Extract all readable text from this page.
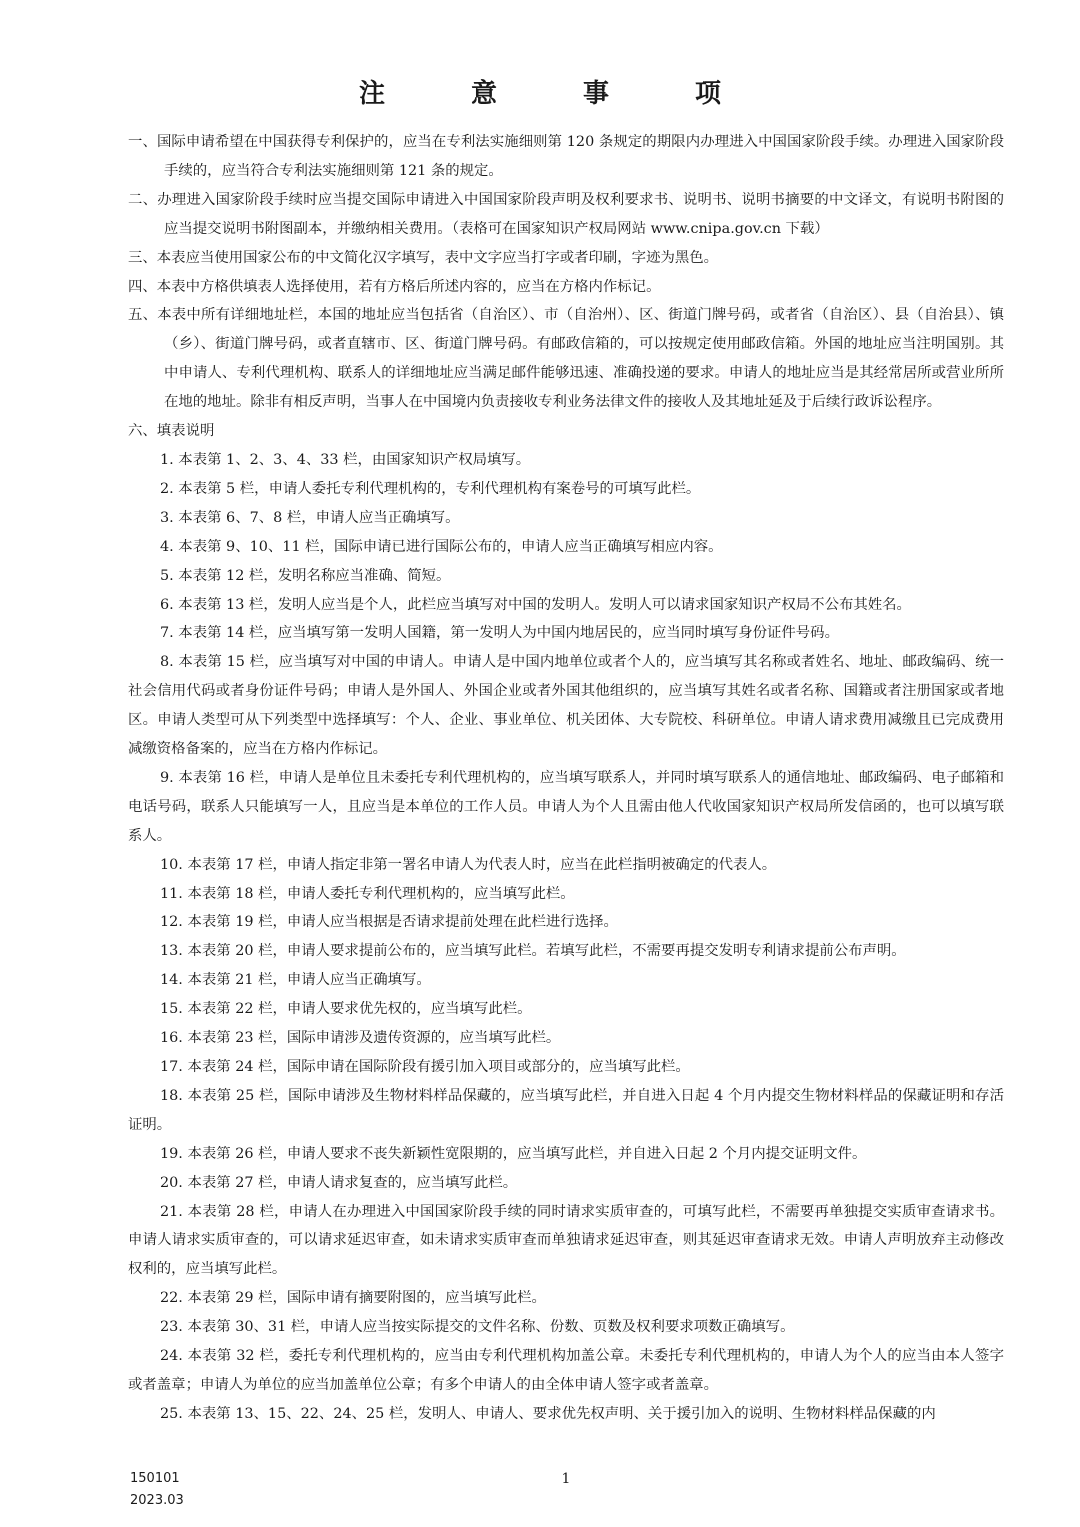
注　意　事　项

一、国际申请希望在中国获得专利保护的，应当在专利法实施细则第 120 条规定的期限内办理进入中国国家阶段手续。办理进入国家阶段手续的，应当符合专利法实施细则第 121 条的规定。

二、办理进入国家阶段手续时应当提交国际申请进入中国国家阶段声明及权利要求书、说明书、说明书摘要的中文译文，有说明书附图的应当提交说明书附图副本，并缴纳相关费用。（表格可在国家知识产权局网站 www.cnipa.gov.cn 下载）

三、本表应当使用国家公布的中文简化汉字填写，表中文字应当打字或者印刷，字迹为黑色。

四、本表中方格供填表人选择使用，若有方格后所述内容的，应当在方格内作标记。

五、本表中所有详细地址栏，本国的地址应当包括省（自治区）、市（自治州）、区、街道门牌号码，或者省（自治区）、县（自治县）、镇（乡）、街道门牌号码，或者直辖市、区、街道门牌号码。有邮政信箱的，可以按规定使用邮政信箱。外国的地址应当注明国别。其中申请人、专利代理机构、联系人的详细地址应当满足邮件能够迅速、准确投递的要求。申请人的地址应当是其经常居所或营业所所在地的地址。除非有相反声明，当事人在中国境内负责接收专利业务法律文件的接收人及其地址延及于后续行政诉讼程序。

六、填表说明

1. 本表第 1、2、3、4、33 栏，由国家知识产权局填写。

2. 本表第 5 栏，申请人委托专利代理机构的，专利代理机构有案卷号的可填写此栏。

3. 本表第 6、7、8 栏，申请人应当正确填写。

4. 本表第 9、10、11 栏，国际申请已进行国际公布的，申请人应当正确填写相应内容。

5. 本表第 12 栏，发明名称应当准确、简短。

6. 本表第 13 栏，发明人应当是个人，此栏应当填写对中国的发明人。发明人可以请求国家知识产权局不公布其姓名。

7. 本表第 14 栏，应当填写第一发明人国籍，第一发明人为中国内地居民的，应当同时填写身份证件号码。

8. 本表第 15 栏，应当填写对中国的申请人。申请人是中国内地单位或者个人的，应当填写其名称或者姓名、地址、邮政编码、统一社会信用代码或者身份证件号码；申请人是外国人、外国企业或者外国其他组织的，应当填写其姓名或者名称、国籍或者注册国家或者地区。申请人类型可从下列类型中选择填写：个人、企业、事业单位、机关团体、大专院校、科研单位。申请人请求费用减缴且已完成费用减缴资格备案的，应当在方格内作标记。

9. 本表第 16 栏，申请人是单位且未委托专利代理机构的，应当填写联系人，并同时填写联系人的通信地址、邮政编码、电子邮箱和电话号码，联系人只能填写一人，且应当是本单位的工作人员。申请人为个人且需由他人代收国家知识产权局所发信函的，也可以填写联系人。

10. 本表第 17 栏，申请人指定非第一署名申请人为代表人时，应当在此栏指明被确定的代表人。

11. 本表第 18 栏，申请人委托专利代理机构的，应当填写此栏。

12. 本表第 19 栏，申请人应当根据是否请求提前处理在此栏进行选择。

13. 本表第 20 栏，申请人要求提前公布的，应当填写此栏。若填写此栏，不需要再提交发明专利请求提前公布声明。

14. 本表第 21 栏，申请人应当正确填写。

15. 本表第 22 栏，申请人要求优先权的，应当填写此栏。

16. 本表第 23 栏，国际申请涉及遗传资源的，应当填写此栏。

17. 本表第 24 栏，国际申请在国际阶段有援引加入项目或部分的，应当填写此栏。

18. 本表第 25 栏，国际申请涉及生物材料样品保藏的，应当填写此栏，并自进入日起 4 个月内提交生物材料样品的保藏证明和存活证明。

19. 本表第 26 栏，申请人要求不丧失新颖性宽限期的，应当填写此栏，并自进入日起 2 个月内提交证明文件。

20. 本表第 27 栏，申请人请求复查的，应当填写此栏。

21. 本表第 28 栏，申请人在办理进入中国国家阶段手续的同时请求实质审查的，可填写此栏，不需要再单独提交实质审查请求书。申请人请求实质审查的，可以请求延迟审查，如未请求实质审查而单独请求延迟审查，则其延迟审查请求无效。申请人声明放弃主动修改权利的，应当填写此栏。

22. 本表第 29 栏，国际申请有摘要附图的，应当填写此栏。

23. 本表第 30、31 栏，申请人应当按实际提交的文件名称、份数、页数及权利要求项数正确填写。

24. 本表第 32 栏，委托专利代理机构的，应当由专利代理机构加盖公章。未委托专利代理机构的，申请人为个人的应当由本人签字或者盖章；申请人为单位的应当加盖单位公章；有多个申请人的由全体申请人签字或者盖章。

25. 本表第 13、15、22、24、25 栏，发明人、申请人、要求优先权声明、关于援引加入的说明、生物材料样品保藏的内

150101
2023.03
1
